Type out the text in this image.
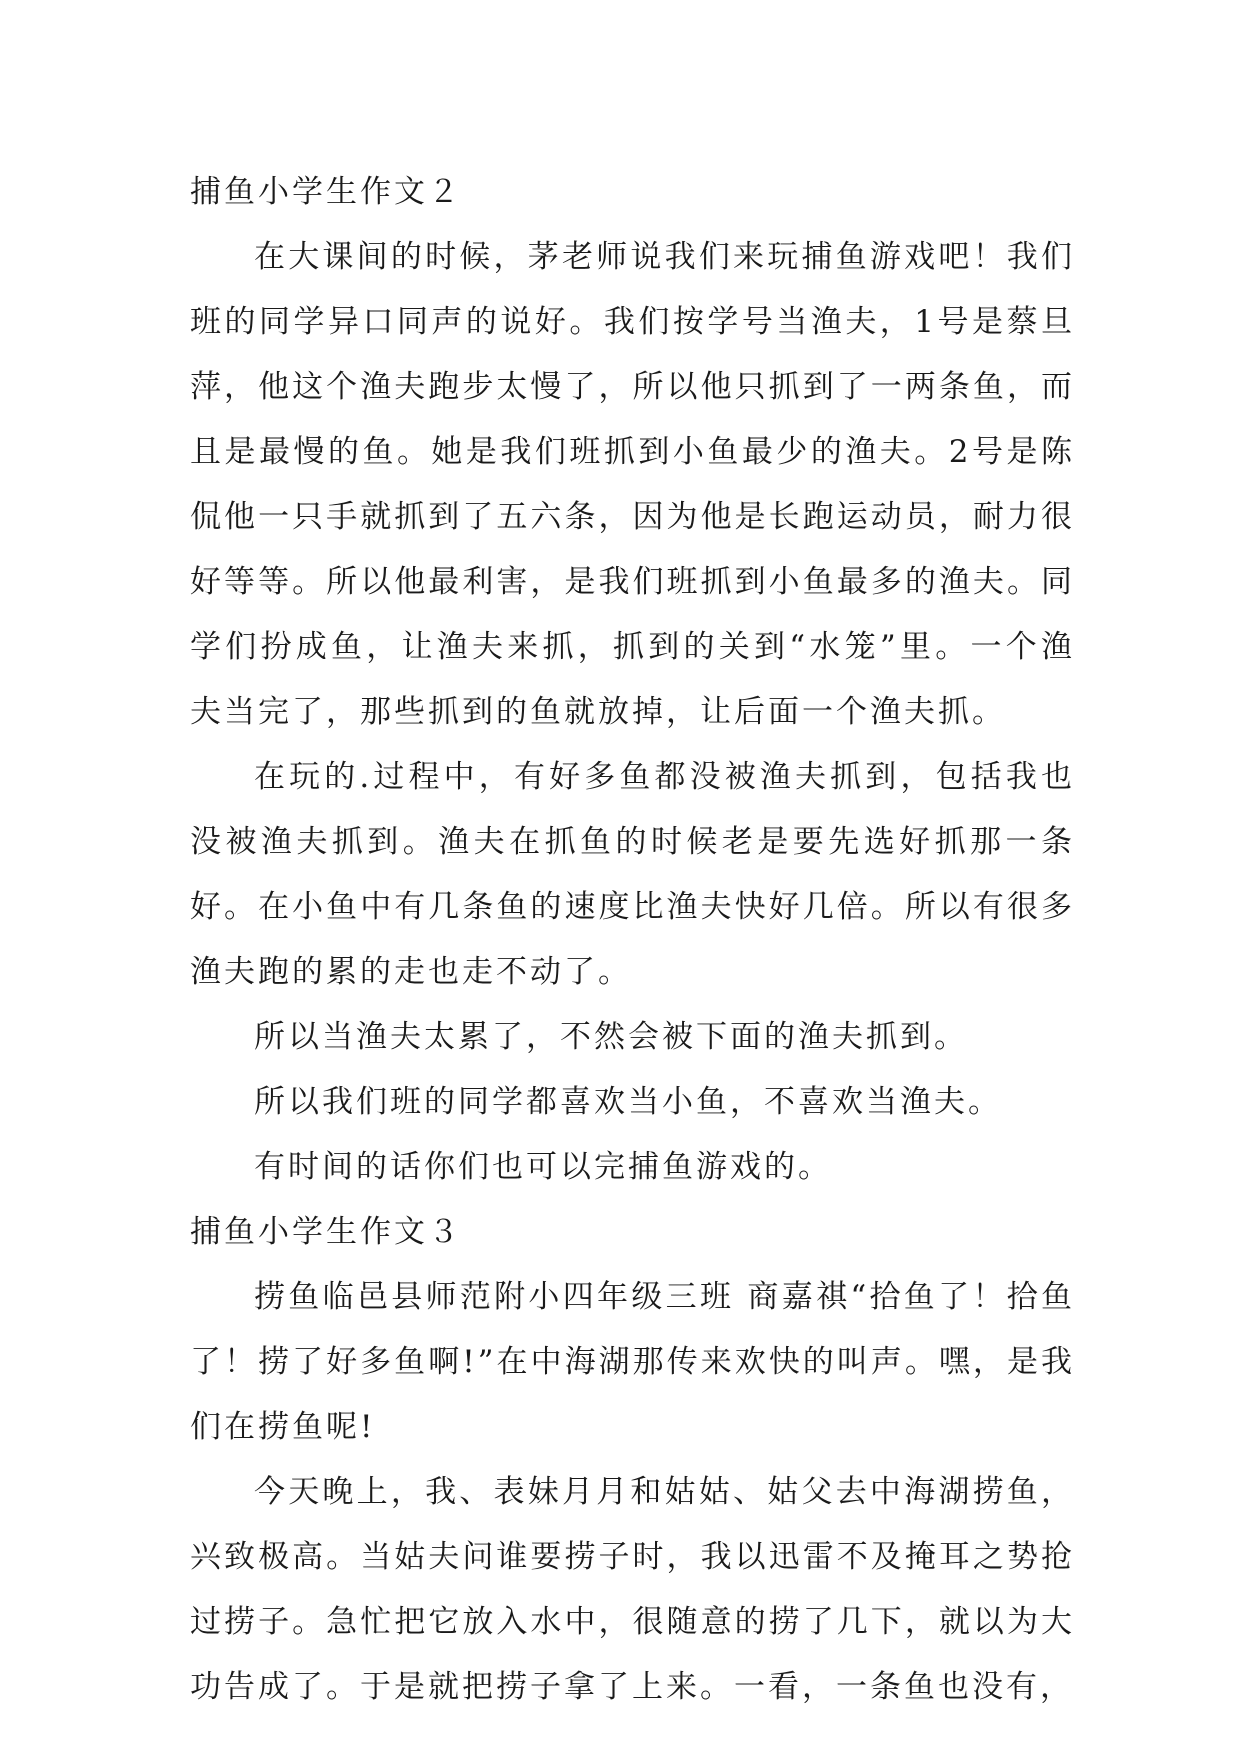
捕鱼小学生作文２

在大课间的时候，茅老师说我们来玩捕鱼游戏吧！我们班的同学异口同声的说好。我们按学号当渔夫，1号是蔡旦萍，他这个渔夫跑步太慢了，所以他只抓到了一两条鱼，而且是最慢的鱼。她是我们班抓到小鱼最少的渔夫。2号是陈侃他一只手就抓到了五六条，因为他是长跑运动员，耐力很好等等。所以他最利害，是我们班抓到小鱼最多的渔夫。同学们扮成鱼，让渔夫来抓，抓到的关到“水笼”里。一个渔夫当完了，那些抓到的鱼就放掉，让后面一个渔夫抓。

在玩的.过程中，有好多鱼都没被渔夫抓到，包括我也没被渔夫抓到。渔夫在抓鱼的时候老是要先选好抓那一条好。在小鱼中有几条鱼的速度比渔夫快好几倍。所以有很多渔夫跑的累的走也走不动了。

所以当渔夫太累了，不然会被下面的渔夫抓到。

所以我们班的同学都喜欢当小鱼，不喜欢当渔夫。

有时间的话你们也可以完捕鱼游戏的。

捕鱼小学生作文３

捞鱼临邑县师范附小四年级三班 商嘉祺“拾鱼了！拾鱼了！捞了好多鱼啊!”在中海湖那传来欢快的叫声。嘿，是我们在捞鱼呢!

今天晚上，我、表妹月月和姑姑、姑父去中海湖捞鱼，兴致极高。当姑夫问谁要捞子时，我以迅雷不及掩耳之势抢过捞子。急忙把它放入水中，很随意的捞了几下，就以为大功告成了。于是就把捞子拿了上来。一看，一条鱼也没有，
